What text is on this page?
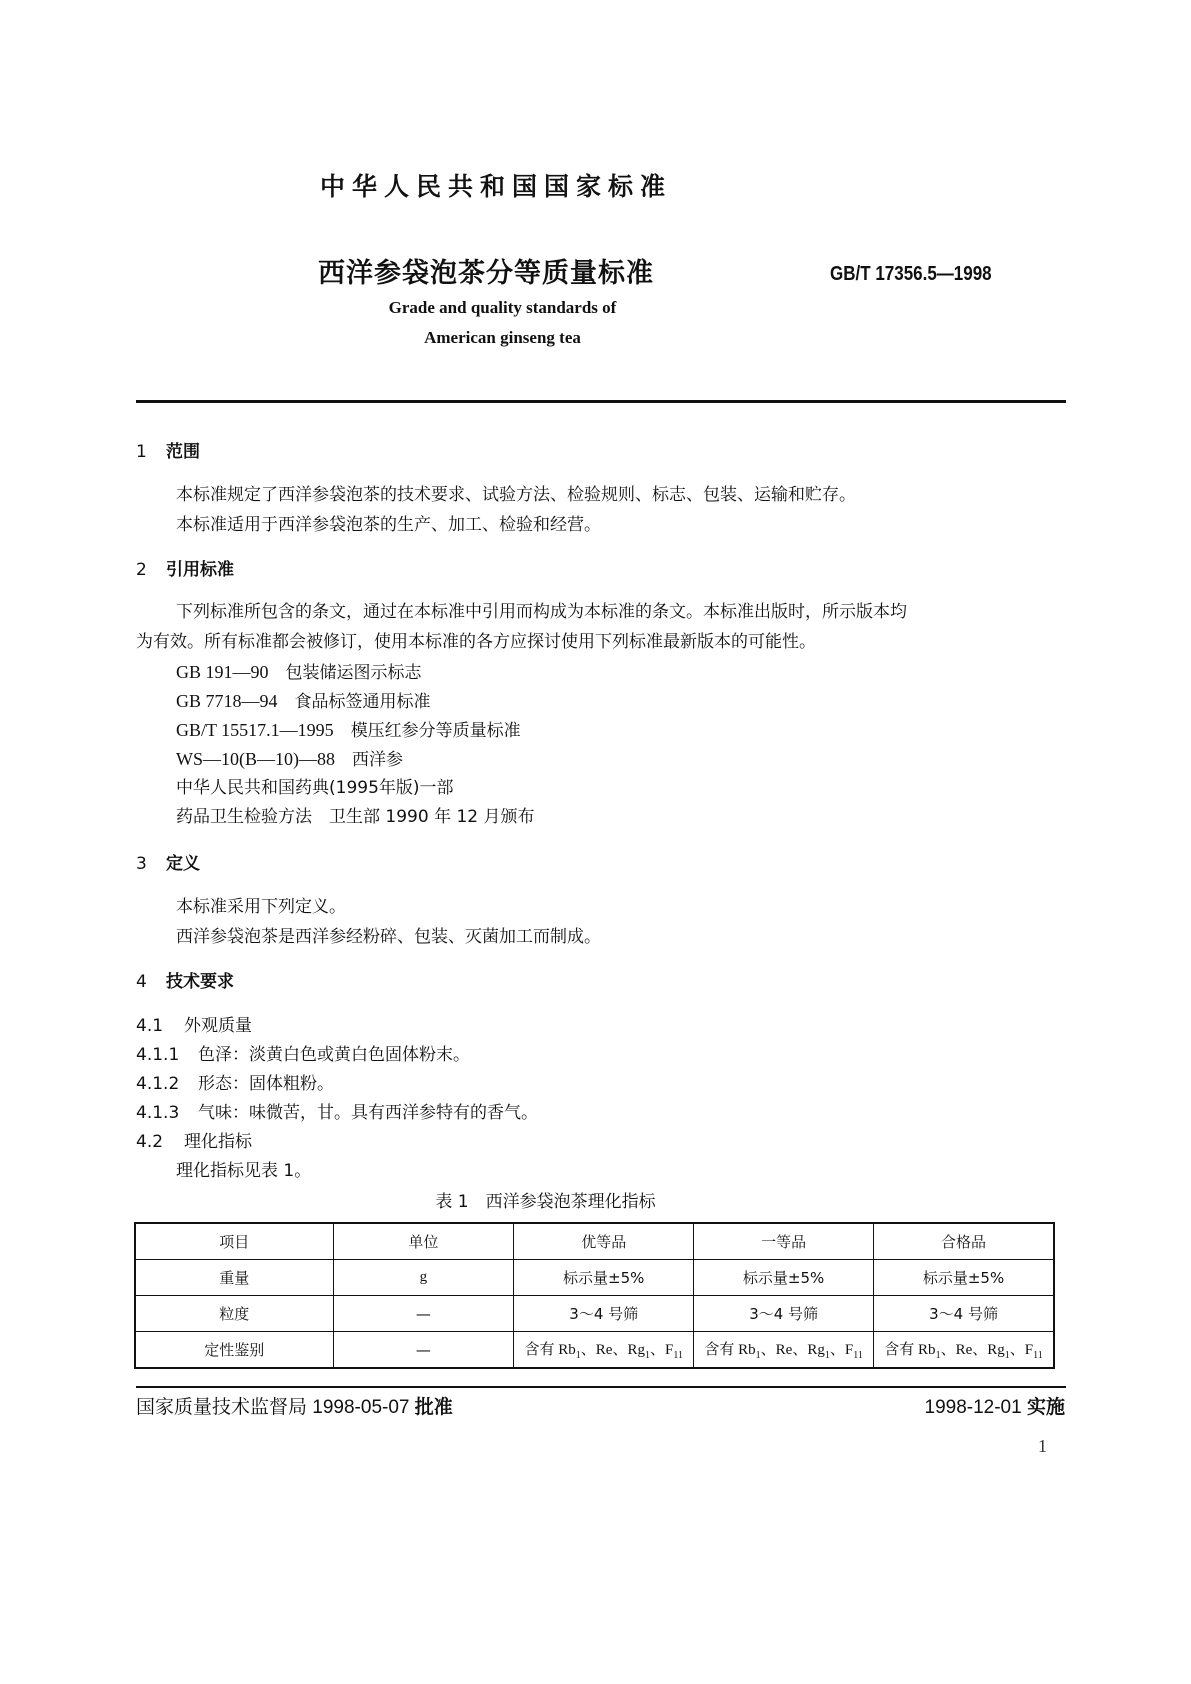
中华人民共和国国家标准
西洋参袋泡茶分等质量标准	GB/T 17356.5—1998
Grade and quality standards of
American ginseng tea
1 范围
本标准规定了西洋参袋泡茶的技术要求、试验方法、检验规则、标志、包装、运输和贮存。
本标准适用于西洋参袋泡茶的生产、加工、检验和经营。
2 引用标准
下列标准所包含的条文，通过在本标准中引用而构成为本标准的条文。本标准出版时，所示版本均
为有效。所有标准都会被修订，使用本标准的各方应探讨使用下列标准最新版本的可能性。
GB 191—90　 包装储运图示标志
GB 7718—94　 食品标签通用标准
GB/T 15517.1—1995　 模压红参分等质量标准
WS—10(B—10)—88　 西洋参
中华人民共和国药典(1995年版)一部
药品卫生检验方法　 卫生部 1990 年 12 月颁布
3 定义
本标准采用下列定义。
西洋参袋泡茶是西洋参经粉碎、包装、灭菌加工而制成。
4 技术要求
4.1 外观质量
4.1.1 色泽：淡黄白色或黄白色固体粉末。
4.1.2 形态：固体粗粉。
4.1.3 气味：味微苦，甘。具有西洋参特有的香气。
4.2 理化指标
理化指标见表 1。
表 1　西洋参袋泡茶理化指标
项目	单位	优等品	一等品	合格品
重量	g	标示量±5%	标示量±5%	标示量±5%
粒度	—	3～4 号筛	3～4 号筛	3～4 号筛
定性鉴别	—	含有 $Rb_1$、Re、$Rg_1$、$F_{11}$	含有 $Rb_1$、Re、$Rg_1$、$F_{11}$	含有 $Rb_1$、Re、$Rg_1$、$F_{11}$
国家质量技术监督局 1998-05-07 批准	1998-12-01 实施
1
